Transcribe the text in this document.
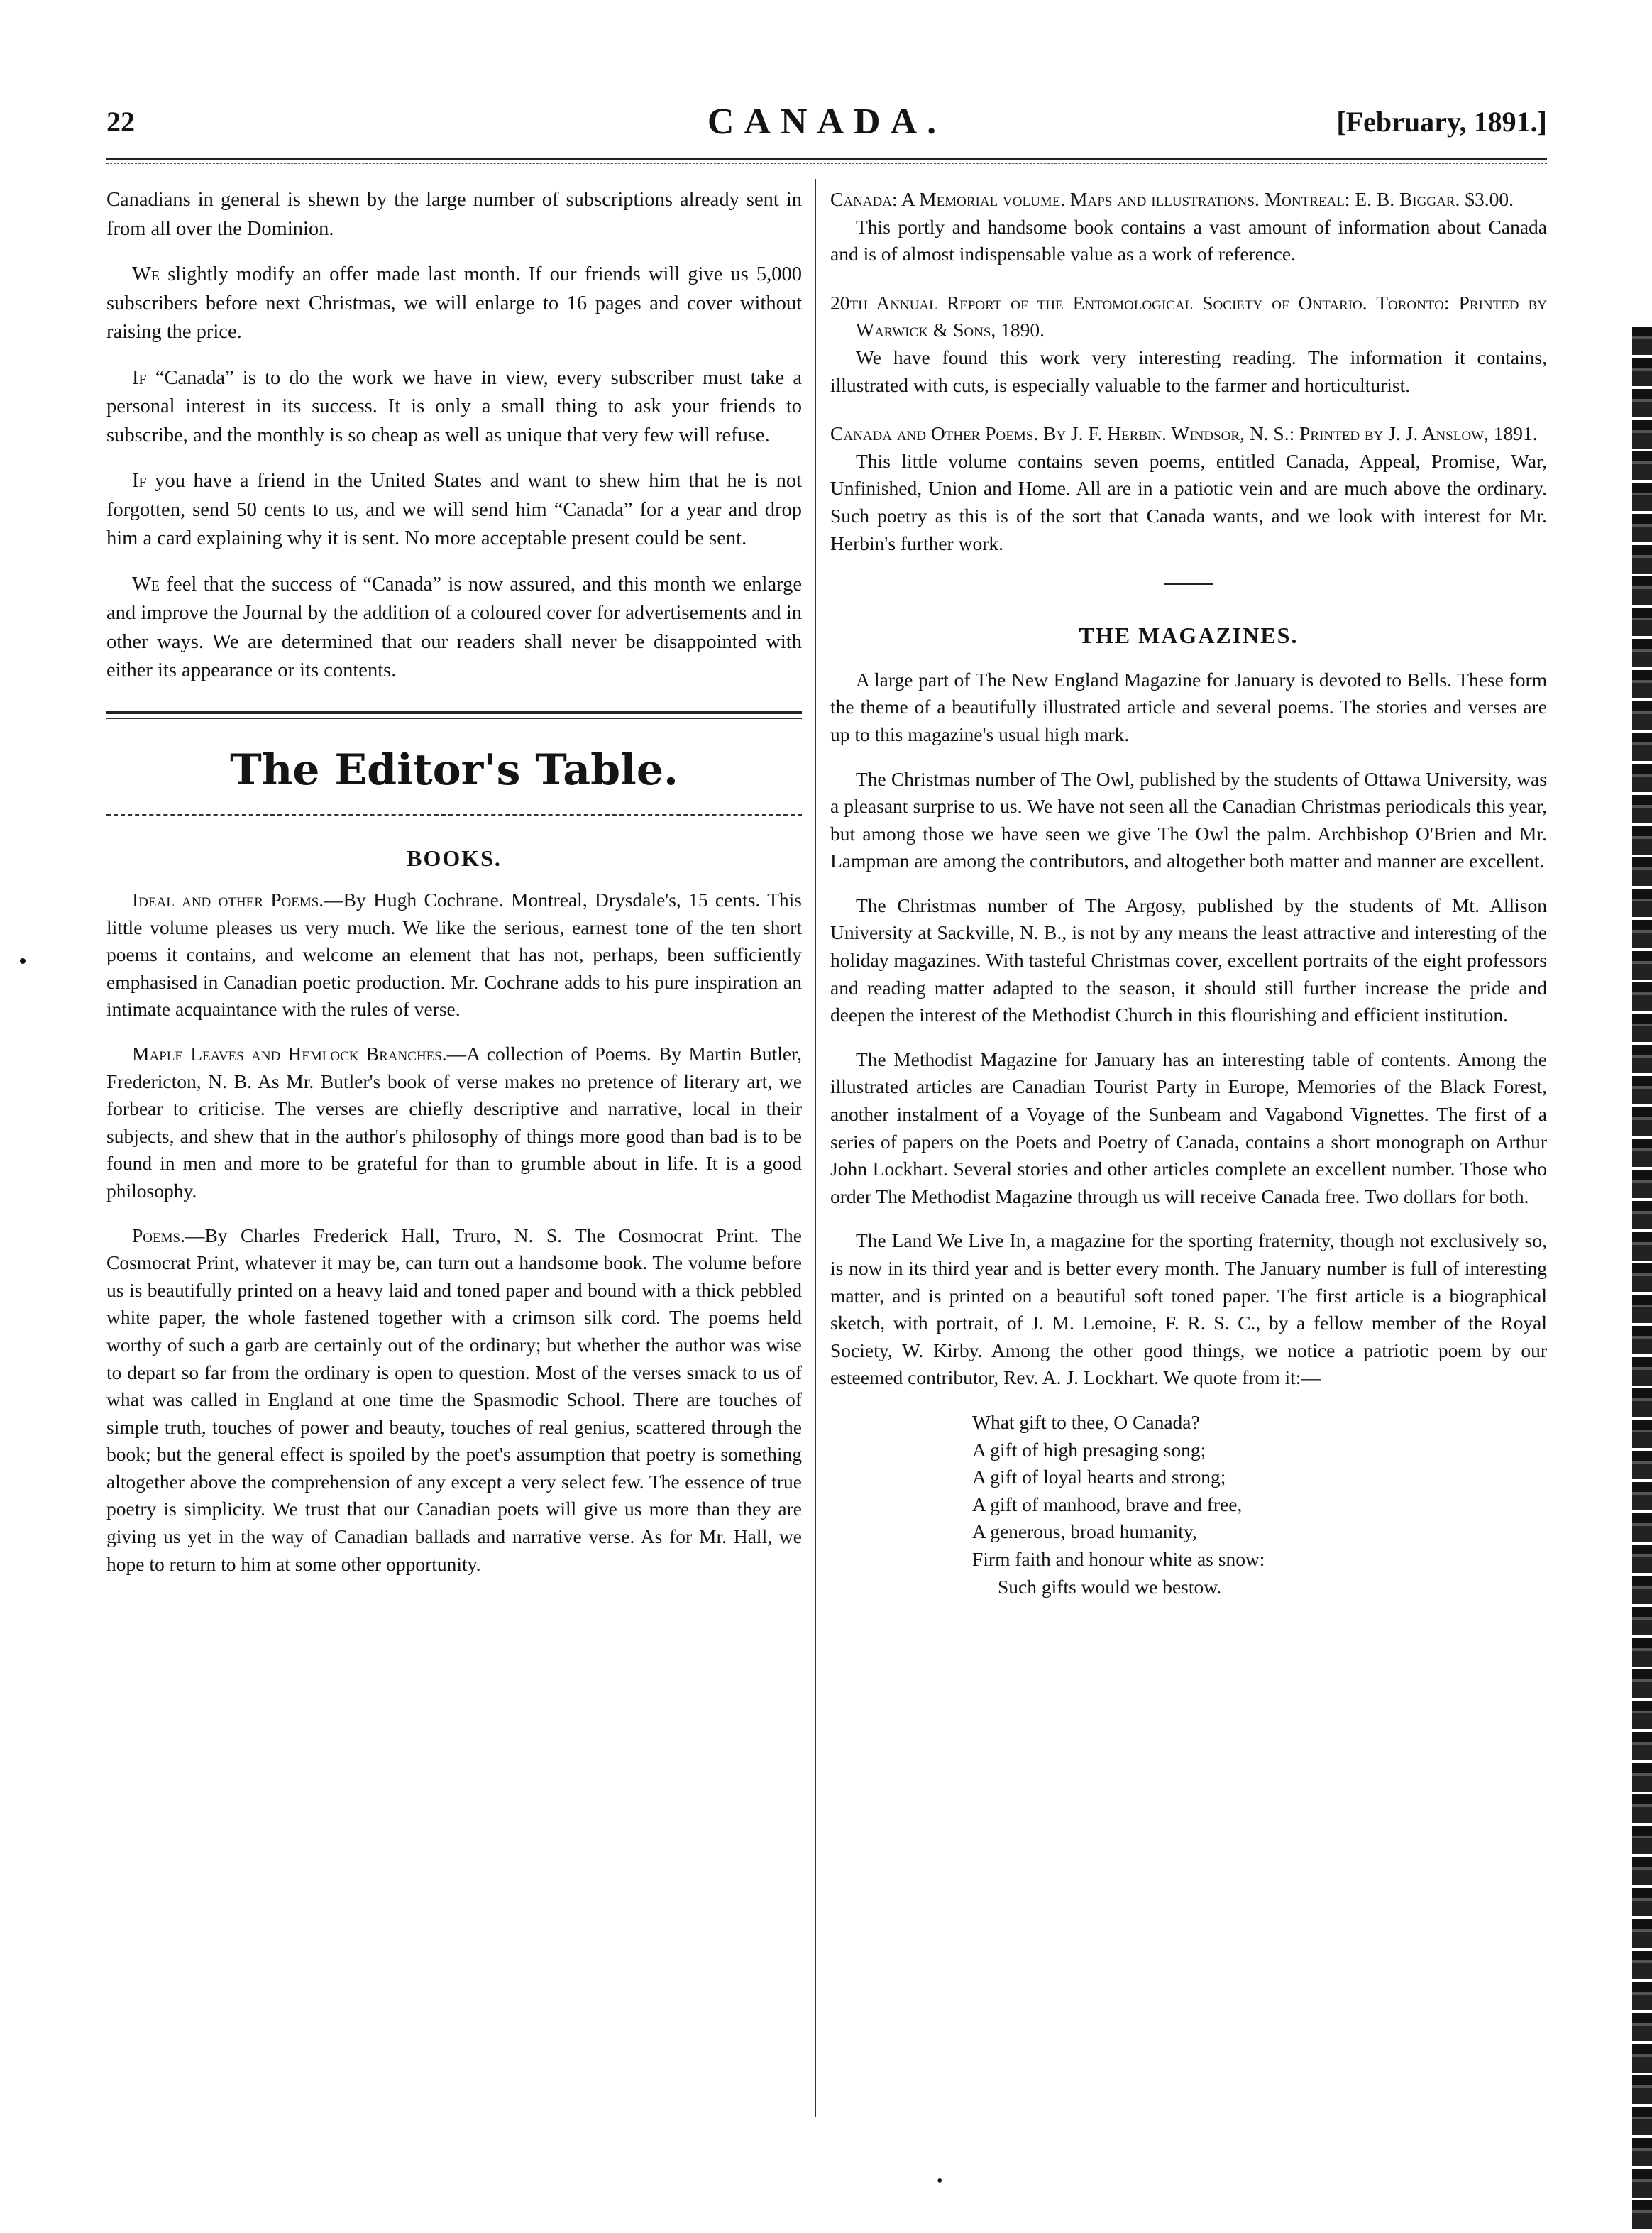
22	CANADA.	[February, 1891.]

Canadians in general is shewn by the large number of subscriptions already sent in from all over the Dominion.

We slightly modify an offer made last month. If our friends will give us 5,000 subscribers before next Christmas, we will enlarge to 16 pages and cover without raising the price.

If “Canada” is to do the work we have in view, every subscriber must take a personal interest in its success. It is only a small thing to ask your friends to subscribe, and the monthly is so cheap as well as unique that very few will refuse.

If you have a friend in the United States and want to shew him that he is not forgotten, send 50 cents to us, and we will send him “Canada” for a year and drop him a card explaining why it is sent. No more acceptable present could be sent.

We feel that the success of “Canada” is now assured, and this month we enlarge and improve the Journal by the addition of a coloured cover for advertisements and in other ways. We are determined that our readers shall never be disappointed with either its appearance or its contents.

The Editor's Table.
BOOKS.

Ideal and other Poems.—By Hugh Cochrane. Montreal, Drysdale's, 15 cents. This little volume pleases us very much. We like the serious, earnest tone of the ten short poems it contains, and welcome an element that has not, perhaps, been sufficiently emphasised in Canadian poetic production. Mr. Cochrane adds to his pure inspiration an intimate acquaintance with the rules of verse.

Maple Leaves and Hemlock Branches.—A collection of Poems. By Martin Butler, Fredericton, N. B. As Mr. Butler's book of verse makes no pretence of literary art, we forbear to criticise. The verses are chiefly descriptive and narrative, local in their subjects, and shew that in the author's philosophy of things more good than bad is to be found in men and more to be grateful for than to grumble about in life. It is a good philosophy.

Poems.—By Charles Frederick Hall, Truro, N. S. The Cosmocrat Print. The Cosmocrat Print, whatever it may be, can turn out a handsome book. The volume before us is beautifully printed on a heavy laid and toned paper and bound with a thick pebbled white paper, the whole fastened together with a crimson silk cord. The poems held worthy of such a garb are certainly out of the ordinary; but whether the author was wise to depart so far from the ordinary is open to question. Most of the verses smack to us of what was called in England at one time the Spasmodic School. There are touches of simple truth, touches of power and beauty, touches of real genius, scattered through the book; but the general effect is spoiled by the poet's assumption that poetry is something altogether above the comprehension of any except a very select few. The essence of true poetry is simplicity. We trust that our Canadian poets will give us more than they are giving us yet in the way of Canadian ballads and narrative verse. As for Mr. Hall, we hope to return to him at some other opportunity.

Canada: A Memorial volume. Maps and illustrations. Montreal: E. B. Biggar. $3.00.

This portly and handsome book contains a vast amount of information about Canada and is of almost indispensable value as a work of reference.

20th Annual Report of the Entomological Society of Ontario. Toronto: Printed by Warwick & Sons, 1890.

We have found this work very interesting reading. The information it contains, illustrated with cuts, is especially valuable to the farmer and horticulturist.

Canada and Other Poems. By J. F. Herbin. Windsor, N. S.: Printed by J. J. Anslow, 1891.

This little volume contains seven poems, entitled Canada, Appeal, Promise, War, Unfinished, Union and Home. All are in a patiotic vein and are much above the ordinary. Such poetry as this is of the sort that Canada wants, and we look with interest for Mr. Herbin's further work.

THE MAGAZINES.

A large part of The New England Magazine for January is devoted to Bells. These form the theme of a beautifully illustrated article and several poems. The stories and verses are up to this magazine's usual high mark.

The Christmas number of The Owl, published by the students of Ottawa University, was a pleasant surprise to us. We have not seen all the Canadian Christmas periodicals this year, but among those we have seen we give The Owl the palm. Archbishop O'Brien and Mr. Lampman are among the contributors, and altogether both matter and manner are excellent.

The Christmas number of The Argosy, published by the students of Mt. Allison University at Sackville, N. B., is not by any means the least attractive and interesting of the holiday magazines. With tasteful Christmas cover, excellent portraits of the eight professors and reading matter adapted to the season, it should still further increase the pride and deepen the interest of the Methodist Church in this flourishing and efficient institution.

The Methodist Magazine for January has an interesting table of contents. Among the illustrated articles are Canadian Tourist Party in Europe, Memories of the Black Forest, another instalment of a Voyage of the Sunbeam and Vagabond Vignettes. The first of a series of papers on the Poets and Poetry of Canada, contains a short monograph on Arthur John Lockhart. Several stories and other articles complete an excellent number. Those who order The Methodist Magazine through us will receive Canada free. Two dollars for both.

The Land We Live In, a magazine for the sporting fraternity, though not exclusively so, is now in its third year and is better every month. The January number is full of interesting matter, and is printed on a beautiful soft toned paper. The first article is a biographical sketch, with portrait, of J. M. Lemoine, F. R. S. C., by a fellow member of the Royal Society, W. Kirby. Among the other good things, we notice a patriotic poem by our esteemed contributor, Rev. A. J. Lockhart. We quote from it:—

What gift to thee, O Canada?
A gift of high presaging song;
A gift of loyal hearts and strong;
A gift of manhood, brave and free,
A generous, broad humanity,
Firm faith and honour white as snow:
Such gifts would we bestow.
•
